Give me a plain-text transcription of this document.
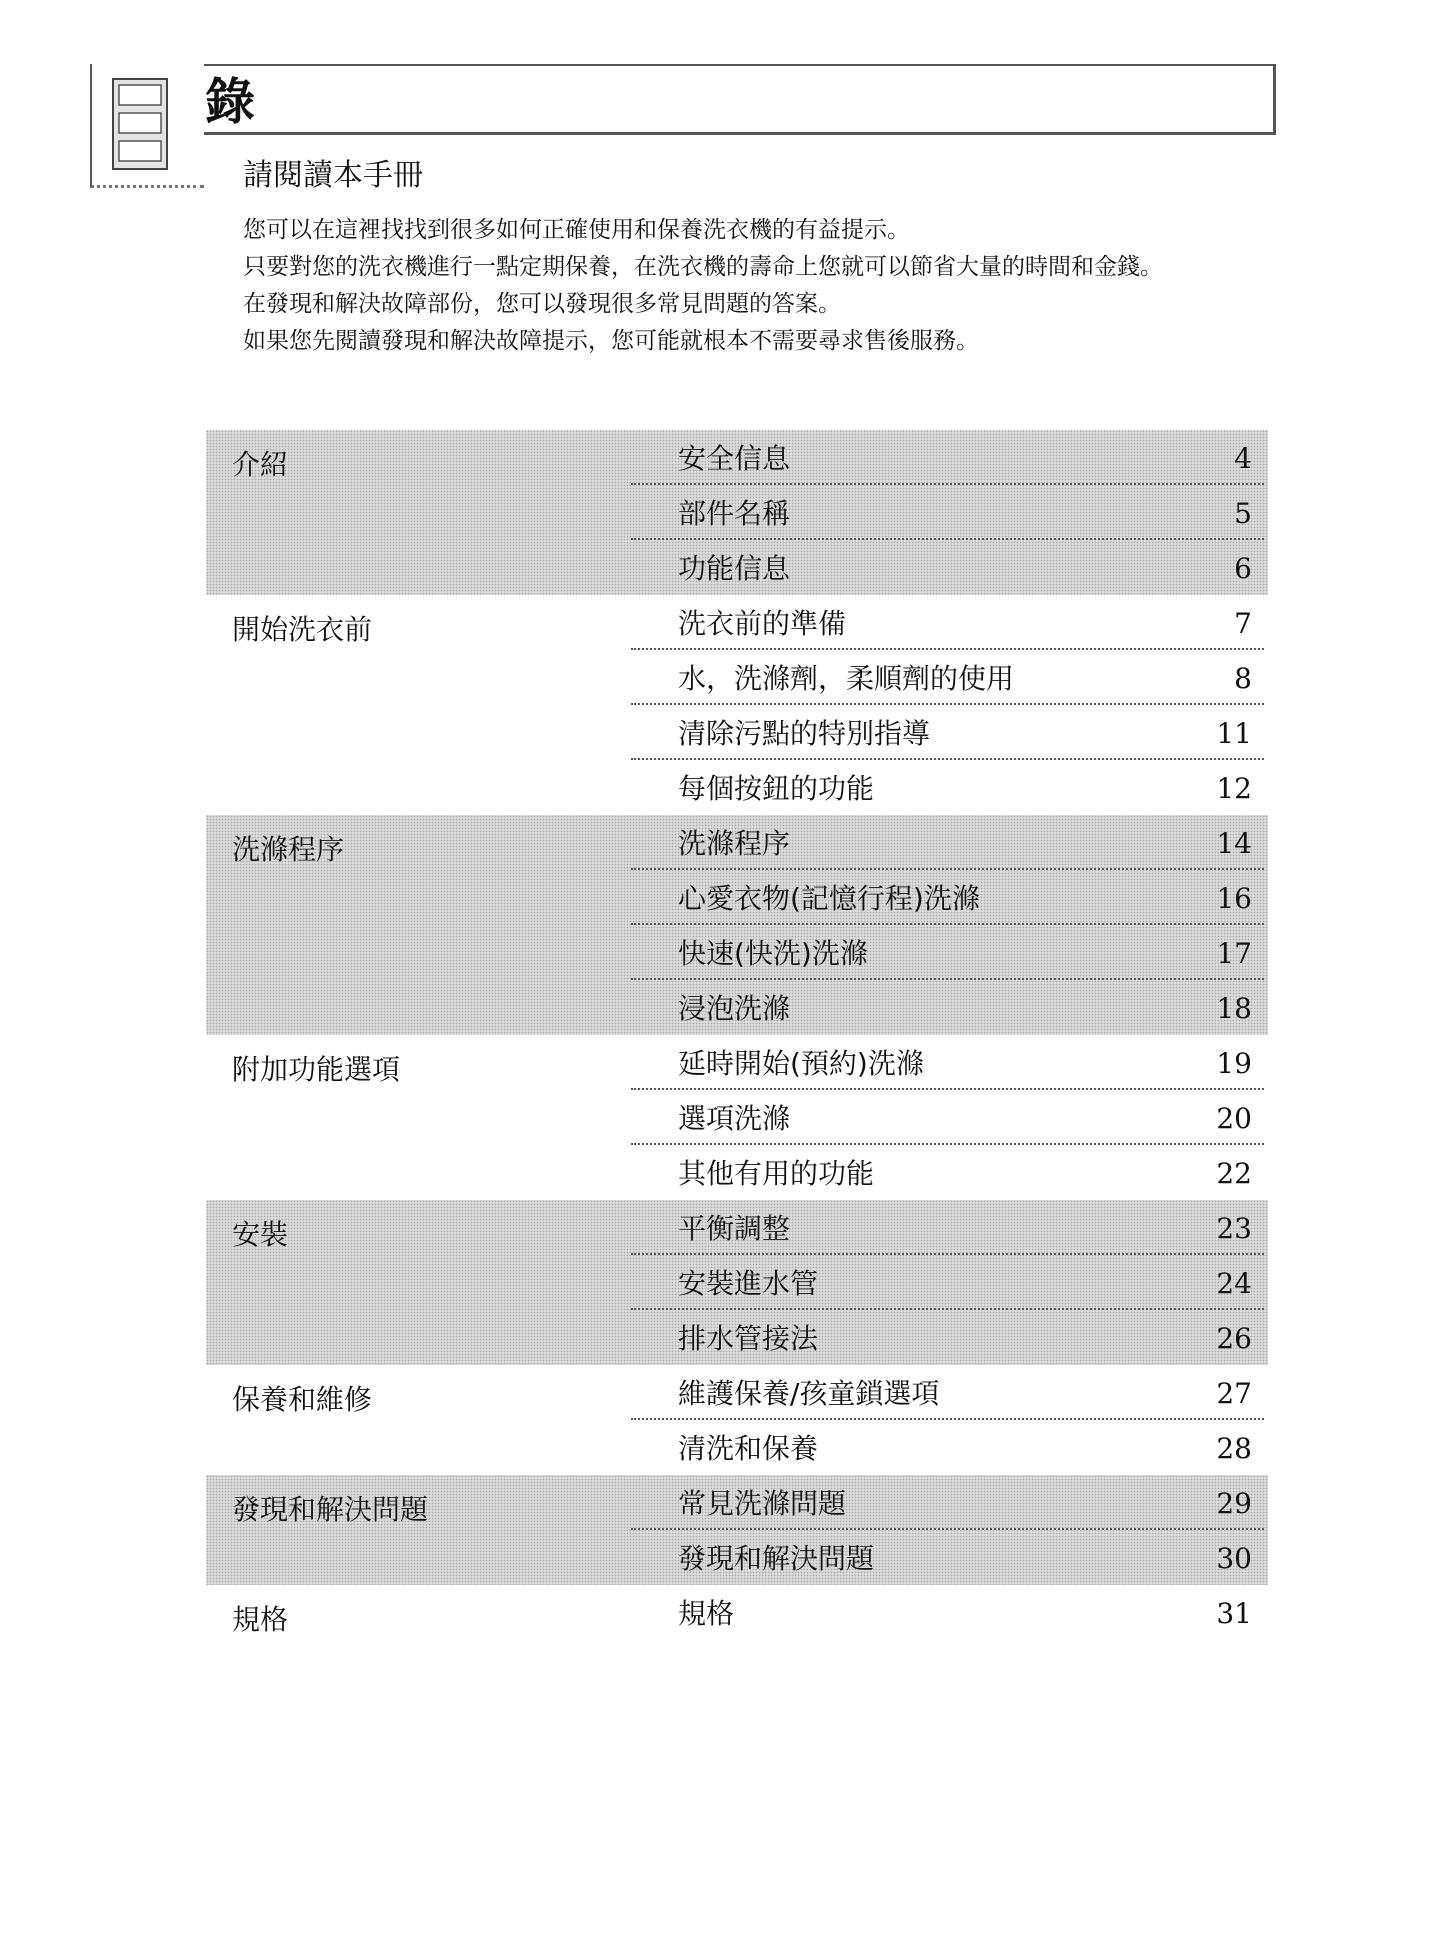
錄
請閱讀本手冊
您可以在這裡找找到很多如何正確使用和保養洗衣機的有益提示。
只要對您的洗衣機進行一點定期保養，在洗衣機的壽命上您就可以節省大量的時間和金錢。
在發現和解決故障部份，您可以發現很多常見問題的答案。
如果您先閱讀發現和解決故障提示，您可能就根本不需要尋求售後服務。
介紹	安全信息	4
部件名稱	5
功能信息	6
開始洗衣前	洗衣前的準備	7
水，洗滌劑，柔順劑的使用	8
清除污點的特別指導	11
每個按鈕的功能	12
洗滌程序	洗滌程序	14
心愛衣物(記憶行程)洗滌	16
快速(快洗)洗滌	17
浸泡洗滌	18
附加功能選項	延時開始(預約)洗滌	19
選項洗滌	20
其他有用的功能	22
安裝	平衡調整	23
安裝進水管	24
排水管接法	26
保養和維修	維護保養/孩童鎖選項	27
清洗和保養	28
發現和解決問題	常見洗滌問題	29
發現和解決問題	30
規格	規格	31
